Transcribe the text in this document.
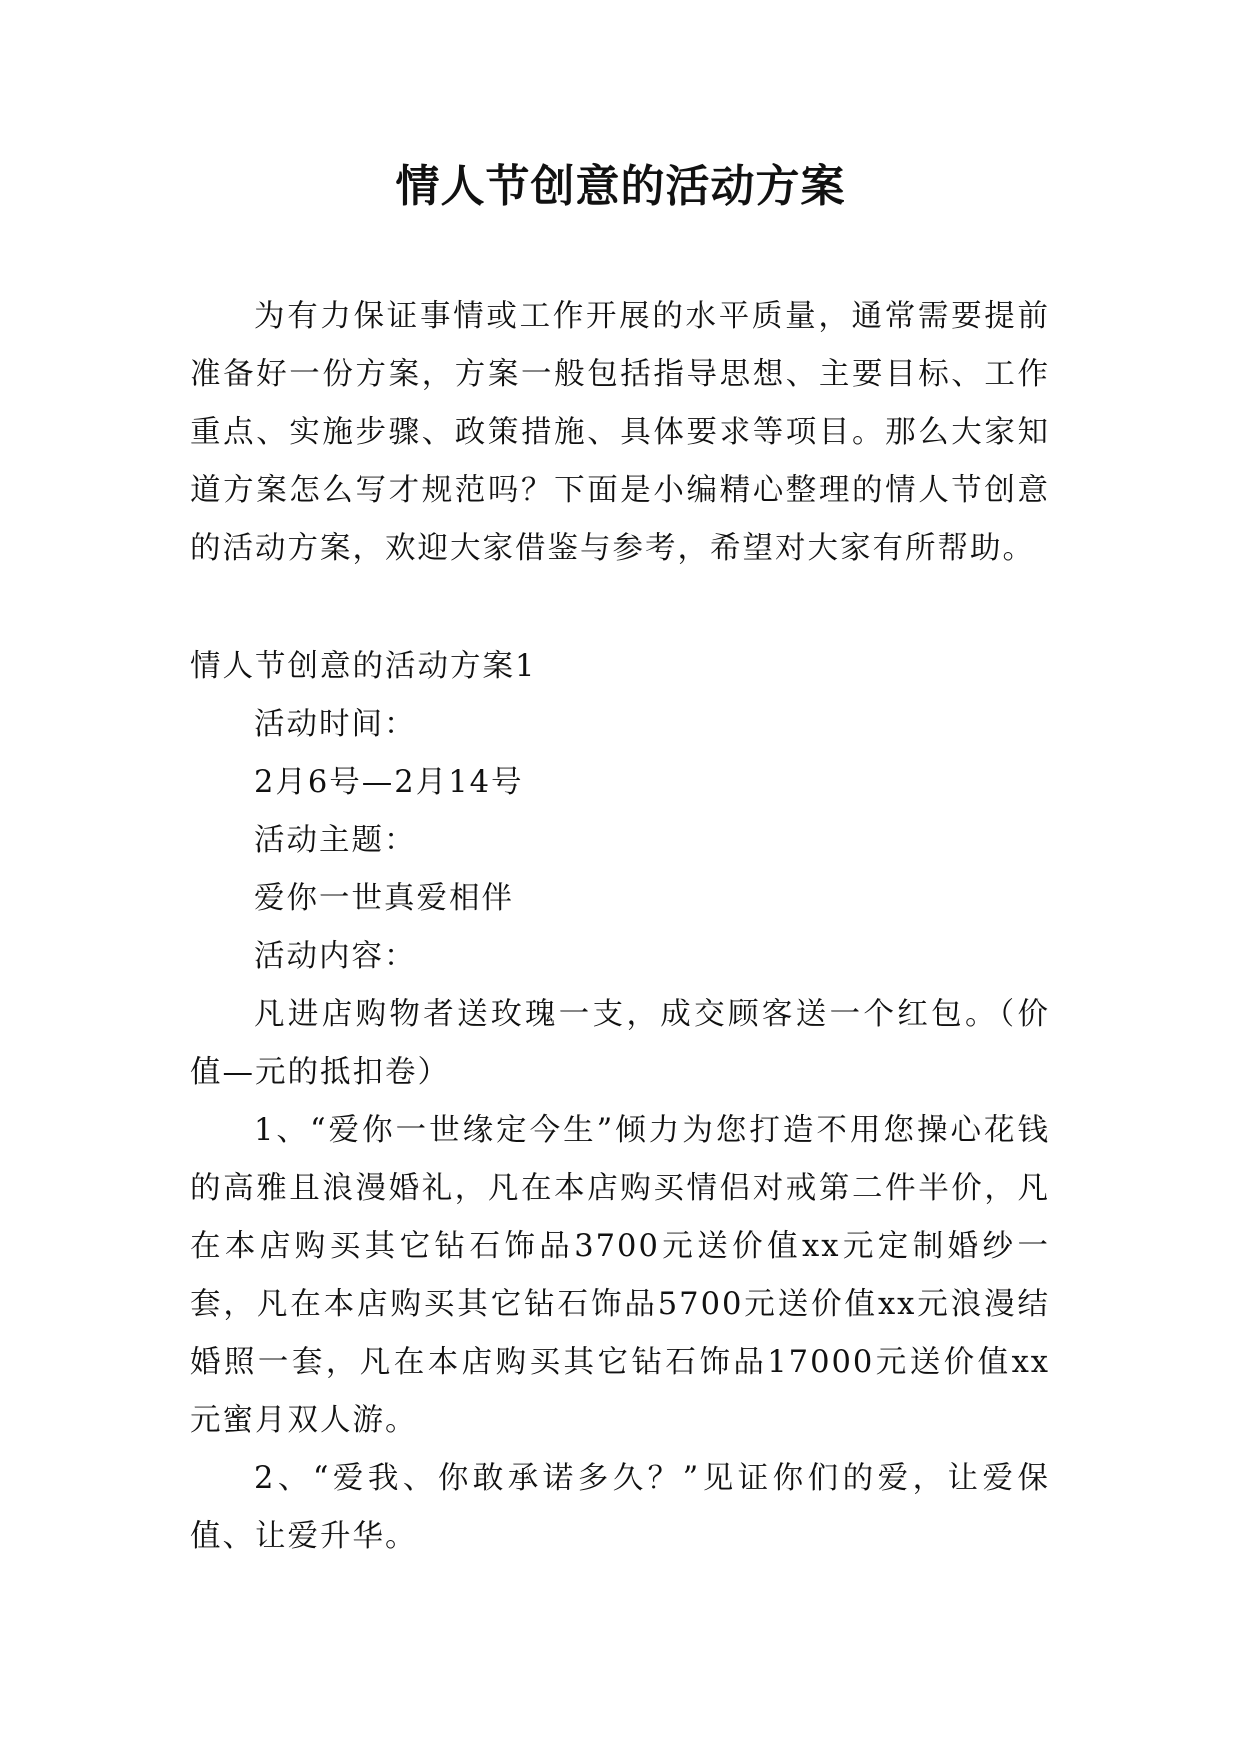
情人节创意的活动方案

为有力保证事情或工作开展的水平质量，通常需要提前准备好一份方案，方案一般包括指导思想、主要目标、工作重点、实施步骤、政策措施、具体要求等项目。那么大家知道方案怎么写才规范吗？下面是小编精心整理的情人节创意的活动方案，欢迎大家借鉴与参考，希望对大家有所帮助。

情人节创意的活动方案1

活动时间：

2月6号—2月14号

活动主题：

爱你一世真爱相伴

活动内容：

凡进店购物者送玫瑰一支，成交顾客送一个红包。（价值—元的抵扣卷）

1、“爱你一世缘定今生”倾力为您打造不用您操心花钱的高雅且浪漫婚礼，凡在本店购买情侣对戒第二件半价，凡在本店购买其它钻石饰品3700元送价值xx元定制婚纱一套，凡在本店购买其它钻石饰品5700元送价值xx元浪漫结婚照一套，凡在本店购买其它钻石饰品17000元送价值xx元蜜月双人游。

2、“爱我、你敢承诺多久？”见证你们的爱，让爱保值、让爱升华。
